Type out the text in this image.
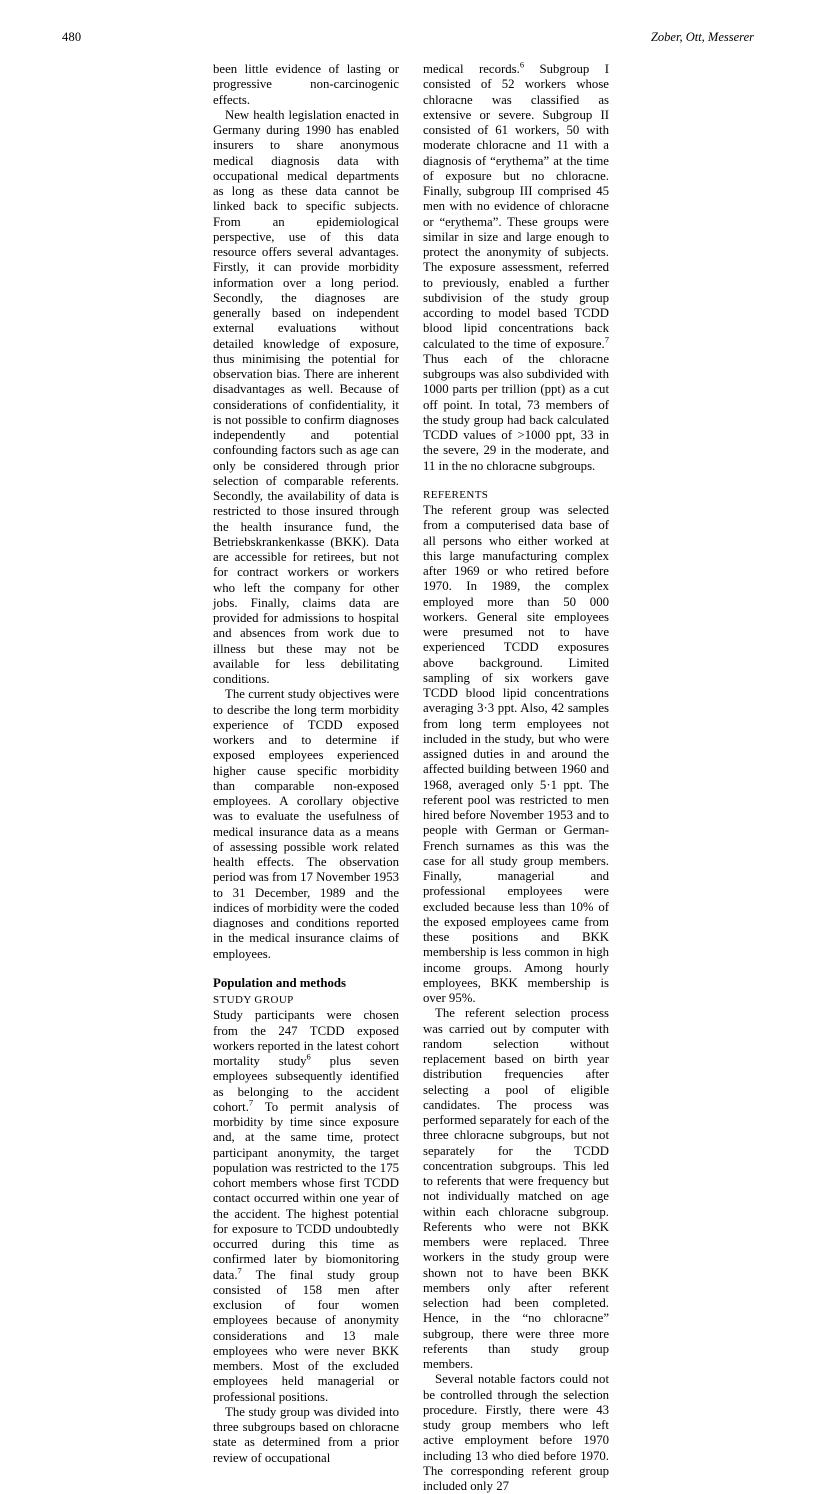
480	Zober, Ott, Messerer

been little evidence of lasting or progressive non-carcinogenic effects.

New health legislation enacted in Germany during 1990 has enabled insurers to share anonymous medical diagnosis data with occupational medical departments as long as these data cannot be linked back to specific subjects. From an epidemiological perspective, use of this data resource offers several advantages. Firstly, it can provide morbidity information over a long period. Secondly, the diagnoses are generally based on independent external evaluations without detailed knowledge of exposure, thus minimising the potential for observation bias. There are inherent disadvantages as well. Because of considerations of confidentiality, it is not possible to confirm diagnoses independently and potential confounding factors such as age can only be considered through prior selection of comparable referents. Secondly, the availability of data is restricted to those insured through the health insurance fund, the Betriebskrankenkasse (BKK). Data are accessible for retirees, but not for contract workers or workers who left the company for other jobs. Finally, claims data are provided for admissions to hospital and absences from work due to illness but these may not be available for less debilitating conditions.

The current study objectives were to describe the long term morbidity experience of TCDD exposed workers and to determine if exposed employees experienced higher cause specific morbidity than comparable non-exposed employees. A corollary objective was to evaluate the usefulness of medical insurance data as a means of assessing possible work related health effects. The observation period was from 17 November 1953 to 31 December, 1989 and the indices of morbidity were the coded diagnoses and conditions reported in the medical insurance claims of employees.

Population and methods
STUDY GROUP

Study participants were chosen from the 247 TCDD exposed workers reported in the latest cohort mortality study$^6$ plus seven employees subsequently identified as belonging to the accident cohort.$^7$ To permit analysis of morbidity by time since exposure and, at the same time, protect participant anonymity, the target population was restricted to the 175 cohort members whose first TCDD contact occurred within one year of the accident. The highest potential for exposure to TCDD undoubtedly occurred during this time as confirmed later by biomonitoring data.$^7$ The final study group consisted of 158 men after exclusion of four women employees because of anonymity considerations and 13 male employees who were never BKK members. Most of the excluded employees held managerial or professional positions.

The study group was divided into three subgroups based on chloracne state as determined from a prior review of occupational

medical records.$^6$ Subgroup I consisted of 52 workers whose chloracne was classified as extensive or severe. Subgroup II consisted of 61 workers, 50 with moderate chloracne and 11 with a diagnosis of “erythema” at the time of exposure but no chloracne. Finally, subgroup III comprised 45 men with no evidence of chloracne or “erythema”. These groups were similar in size and large enough to protect the anonymity of subjects. The exposure assessment, referred to previously, enabled a further subdivision of the study group according to model based TCDD blood lipid concentrations back calculated to the time of exposure.$^7$ Thus each of the chloracne subgroups was also subdivided with 1000 parts per trillion (ppt) as a cut off point. In total, 73 members of the study group had back calculated TCDD values of >1000 ppt, 33 in the severe, 29 in the moderate, and 11 in the no chloracne subgroups.

REFERENTS

The referent group was selected from a computerised data base of all persons who either worked at this large manufacturing complex after 1969 or who retired before 1970. In 1989, the complex employed more than 50 000 workers. General site employees were presumed not to have experienced TCDD exposures above background. Limited sampling of six workers gave TCDD blood lipid concentrations averaging 3·3 ppt. Also, 42 samples from long term employees not included in the study, but who were assigned duties in and around the affected building between 1960 and 1968, averaged only 5·1 ppt. The referent pool was restricted to men hired before November 1953 and to people with German or German-French surnames as this was the case for all study group members. Finally, managerial and professional employees were excluded because less than 10% of the exposed employees came from these positions and BKK membership is less common in high income groups. Among hourly employees, BKK membership is over 95%.

The referent selection process was carried out by computer with random selection without replacement based on birth year distribution frequencies after selecting a pool of eligible candidates. The process was performed separately for each of the three chloracne subgroups, but not separately for the TCDD concentration subgroups. This led to referents that were frequency but not individually matched on age within each chloracne subgroup. Referents who were not BKK members were replaced. Three workers in the study group were shown not to have been BKK members only after referent selection had been completed. Hence, in the “no chloracne” subgroup, there were three more referents than study group members.

Several notable factors could not be controlled through the selection procedure. Firstly, there were 43 study group members who left active employment before 1970 including 13 who died before 1970. The corresponding referent group included only 27
